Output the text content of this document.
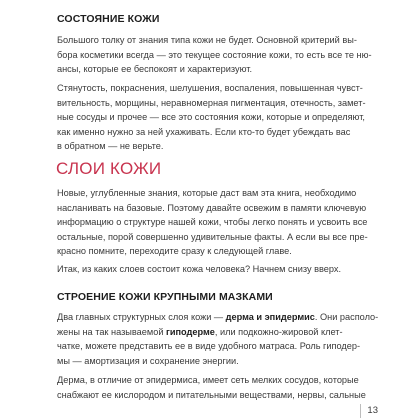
СОСТОЯНИЕ КОЖИ
Большого толку от знания типа кожи не будет. Основной критерий вы-
бора косметики всегда — это текущее состояние кожи, то есть все те ню-
ансы, которые ее беспокоят и характеризуют.
Стянутость, покраснения, шелушения, воспаления, повышенная чувст-
вительность, морщины, неравномерная пигментация, отечность, замет-
ные сосуды и прочее — все это состояния кожи, которые и определяют,
как именно нужно за ней ухаживать. Если кто-то будет убеждать вас
в обратном — не верьте.
СЛОИ КОЖИ
Новые, углубленные знания, которые даст вам эта книга, необходимо
насланивать на базовые. Поэтому давайте освежим в памяти ключевую
информацию о структуре нашей кожи, чтобы легко понять и усвоить все
остальные, порой совершенно удивительные факты. А если вы все пре-
красно помните, переходите сразу к следующей главе.
Итак, из каких слоев состоит кожа человека? Начнем снизу вверх.
СТРОЕНИЕ КОЖИ КРУПНЫМИ МАЗКАМИ
Два главных структурных слоя кожи — дерма и эпидермис. Они располо-
жены на так называемой гиподерме, или подкожно-жировой клет-
чатке, можете представить ее в виде удобного матраса. Роль гиподер-
мы — амортизация и сохранение энергии.
Дерма, в отличие от эпидермиса, имеет сеть мелких сосудов, которые
снабжают ее кислородом и питательными веществами, нервы, сальные
13
